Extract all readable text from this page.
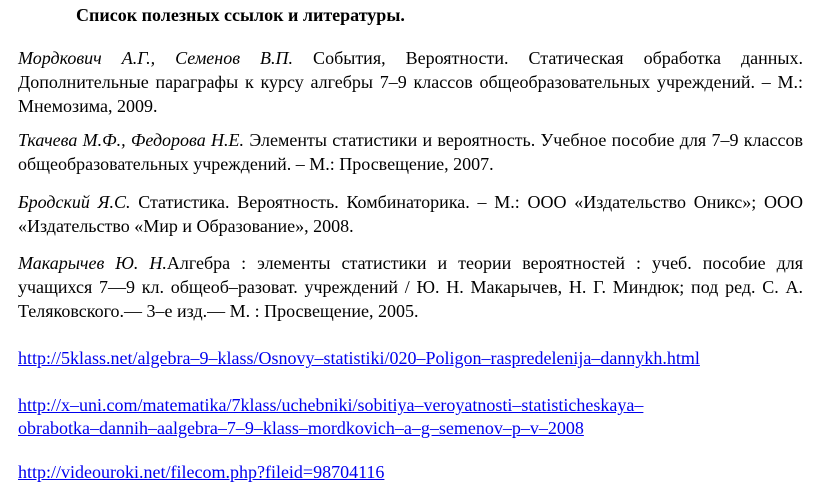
Список полезных ссылок и литературы.
Мордкович А.Г., Семенов В.П. События, Вероятности. Статическая обработка данных. Дополнительные параграфы к курсу алгебры 7–9 классов общеобразовательных учреждений. – М.: Мнемозима, 2009.
Ткачева М.Ф., Федорова Н.Е. Элементы статистики и вероятность. Учебное пособие для 7–9 классов общеобразовательных учреждений. – М.: Просвещение, 2007.
Бродский Я.С. Статистика. Вероятность. Комбинаторика. – М.: ООО «Издательство Оникс»; ООО «Издательство «Мир и Образование», 2008.
Макарычев Ю. Н.Алгебра : элементы статистики и теории вероятностей : учеб. пособие для учащихся 7—9 кл. общеоб–разоват. учреждений / Ю. Н. Макарычев, Н. Г. Миндюк; под ред. С. А. Теляковского.— 3–е изд.— М. : Просвещение, 2005.
http://5klass.net/algebra–9–klass/Osnovy–statistiki/020–Poligon–raspredelenija–dannykh.html
http://x–uni.com/matematika/7klass/uchebniki/sobitiya–veroyatnosti–statisticheskaya–
obrabotka–dannih–aalgebra–7–9–klass–mordkovich–a–g–semenov–p–v–2008
http://videouroki.net/filecom.php?fileid=98704116
